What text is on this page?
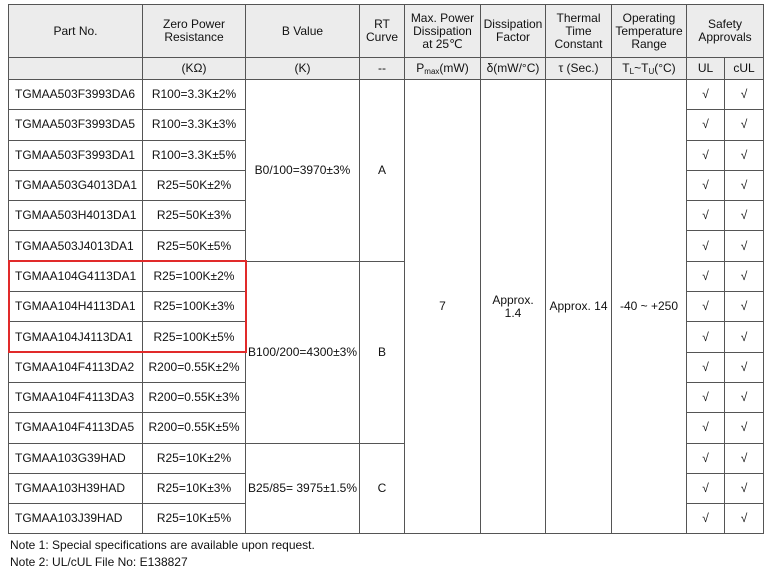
Part No.	Zero Power Resistance	B Value	RT Curve	Max. Power Dissipation at 25℃	Dissipation Factor	Thermal Time Constant	Operating Temperature Range	Safety Approvals	
	(KΩ)	(K)	--	$P_{max}(mW)$	δ(mW/°C)	τ (Sec.)	$T_L\sim T_U(^\circ C)$	UL	cUL
TGMAA503F3993DA6	R100=3.3K±2%	B0/100=3970±3%	A	7	Approx. 1.4	Approx. 14	-40 ~ +250	√	√
TGMAA503F3993DA5	R100=3.3K±3%							√	√
TGMAA503F3993DA1	R100=3.3K±5%							√	√
TGMAA503G4013DA1	R25=50K±2%							√	√
TGMAA503H4013DA1	R25=50K±3%							√	√
TGMAA503J4013DA1	R25=50K±5%							√	√
TGMAA104G4113DA1	R25=100K±2%	B100/200=4300±3%	B					√	√
TGMAA104H4113DA1	R25=100K±3%							√	√
TGMAA104J4113DA1	R25=100K±5%							√	√
TGMAA104F4113DA2	R200=0.55K±2%							√	√
TGMAA104F4113DA3	R200=0.55K±3%							√	√
TGMAA104F4113DA5	R200=0.55K±5%							√	√
TGMAA103G39HAD	R25=10K±2%	B25/85= 3975±1.5%	C					√	√
TGMAA103H39HAD	R25=10K±3%							√	√
TGMAA103J39HAD	R25=10K±5%							√	√
Note 1: Special specifications are available upon request.
Note 2: UL/cUL File No: E138827
